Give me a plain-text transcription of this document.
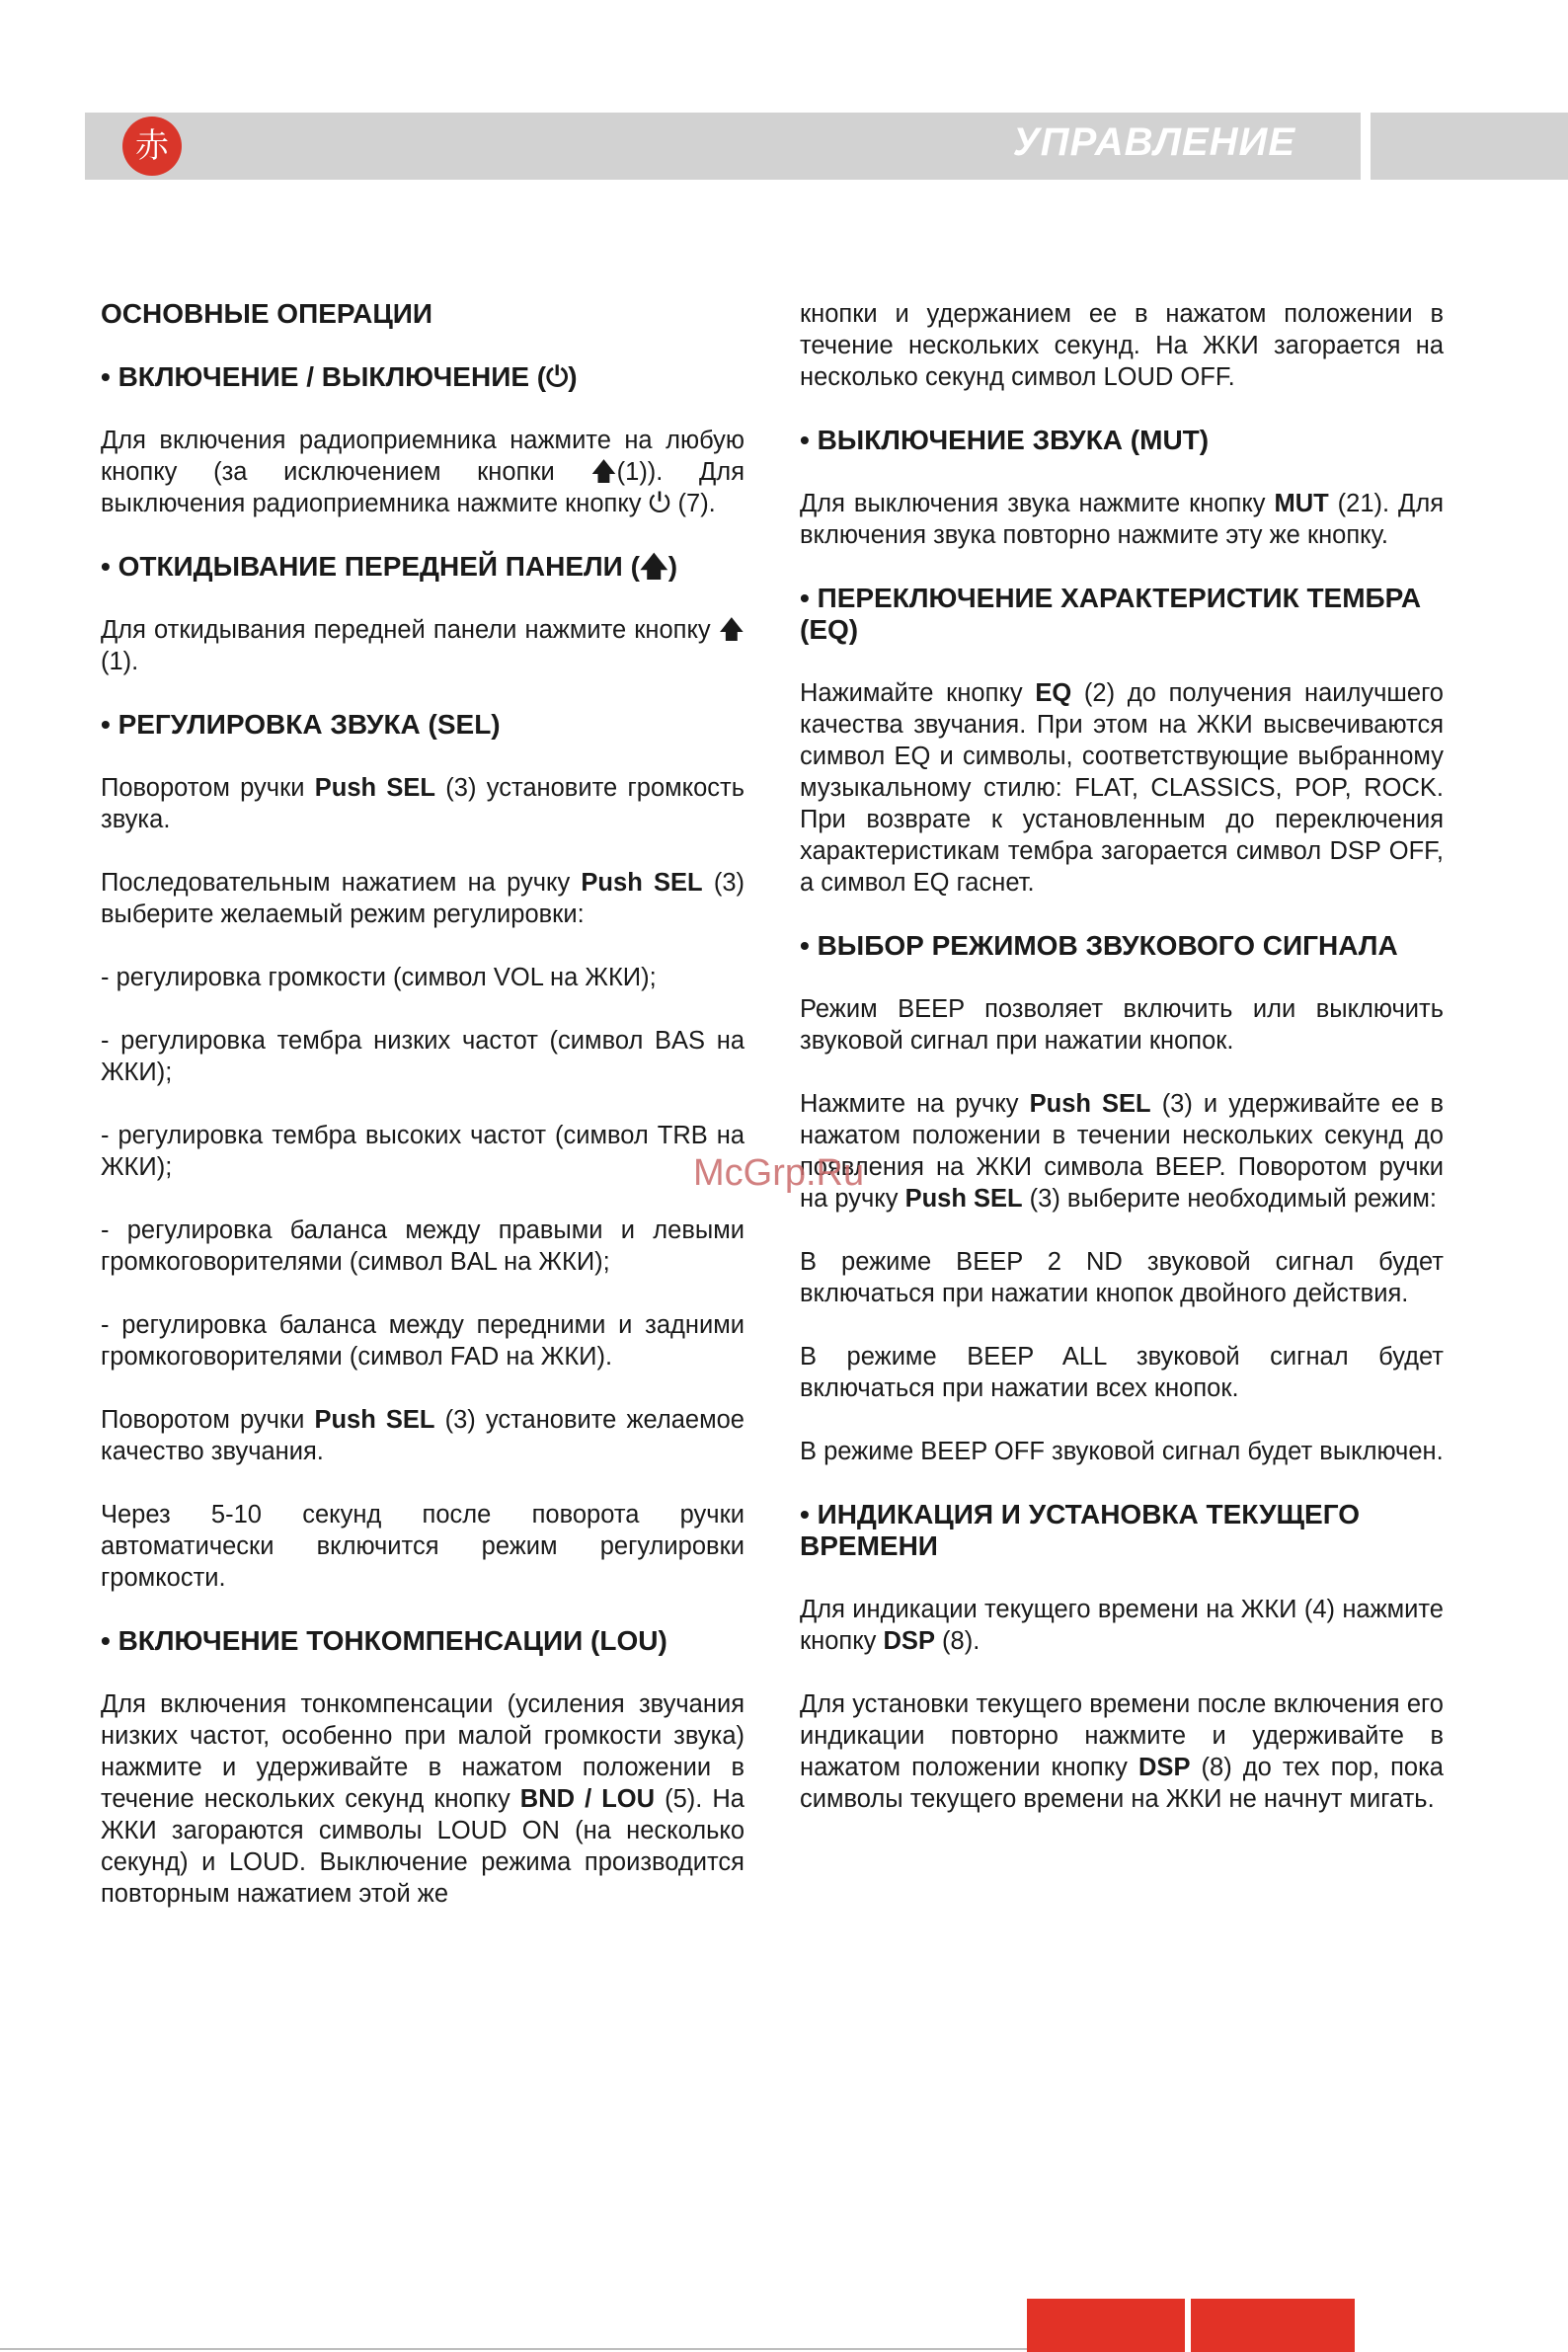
赤	УПРАВЛЕНИЕ
ОСНОВНЫЕ ОПЕРАЦИИ
• ВКЛЮЧЕНИЕ / ВЫКЛЮЧЕНИЕ (⏻)

Для включения радиоприемника нажмите на любую кнопку (за исключением кнопки 🡅(1)). Для выключения радиоприемника нажмите кнопку ⏻ (7).

• ОТКИДЫВАНИЕ ПЕРЕДНЕЙ ПАНЕЛИ (🡅)

Для откидывания передней панели нажмите кнопку 🡅 (1).

• РЕГУЛИРОВКА ЗВУКА (SEL)

Поворотом ручки Push SEL (3) установите громкость звука.

Последовательным нажатием на ручку Push SEL (3) выберите желаемый режим регулировки:

- регулировка громкости (символ VOL на ЖКИ);

- регулировка тембра низких частот (символ BAS на ЖКИ);

- регулировка тембра высоких частот (символ TRB на ЖКИ);

- регулировка баланса между правыми и левыми громкоговорителями (символ BAL на ЖКИ);

- регулировка баланса между передними и задними громкоговорителями (символ FAD на ЖКИ).

Поворотом ручки Push SEL (3) установите желаемое качество звучания.

Через 5-10 секунд после поворота ручки автоматически включится режим регулировки громкости.

• ВКЛЮЧЕНИЕ ТОНКОМПЕНСАЦИИ (LOU)

Для включения тонкомпенсации (усиления звучания низких частот, особенно при малой громкости звука) нажмите и удерживайте в нажатом положении в течение нескольких секунд кнопку BND / LOU (5). На ЖКИ загораются символы LOUD ON (на несколько секунд) и LOUD. Выключение режима производится повторным нажатием этой же

кнопки и удержанием ее в нажатом положении в течение нескольких секунд. На ЖКИ загорается на несколько секунд символ LOUD OFF.

• ВЫКЛЮЧЕНИЕ ЗВУКА (MUT)

Для выключения звука нажмите кнопку MUT (21). Для включения звука повторно нажмите эту же кнопку.

• ПЕРЕКЛЮЧЕНИЕ ХАРАКТЕРИСТИК ТЕМБРА (EQ)

Нажимайте кнопку EQ (2) до получения наилучшего качества звучания. При этом на ЖКИ высвечиваются символ EQ и символы, соответствующие выбранному музыкальному стилю: FLAT, CLASSICS, POP, ROCK. При возврате к установленным до переключения характеристикам тембра загорается символ DSP OFF, а символ EQ гаснет.

• ВЫБОР РЕЖИМОВ ЗВУКОВОГО СИГНАЛА

Режим BEEP позволяет включить или выключить звуковой сигнал при нажатии кнопок.

Нажмите на ручку Push SEL (3) и удерживайте ее в нажатом положении в течении нескольких секунд до появления на ЖКИ символа BEEP. Поворотом ручки на ручку Push SEL (3) выберите необходимый режим:

В режиме BEEP 2 ND звуковой сигнал будет включаться при нажатии кнопок двойного действия.

В режиме BEEP ALL звуковой сигнал будет включаться при нажатии всех кнопок.

В режиме BEEP OFF звуковой сигнал будет выключен.

• ИНДИКАЦИЯ И УСТАНОВКА ТЕКУЩЕГО ВРЕМЕНИ

Для индикации текущего времени на ЖКИ (4) нажмите кнопку DSP (8).

Для установки текущего времени после включения его индикации повторно нажмите и удерживайте в нажатом положении кнопку DSP (8) до тех пор, пока символы текущего времени на ЖКИ не начнут мигать.

McGrp.Ru
